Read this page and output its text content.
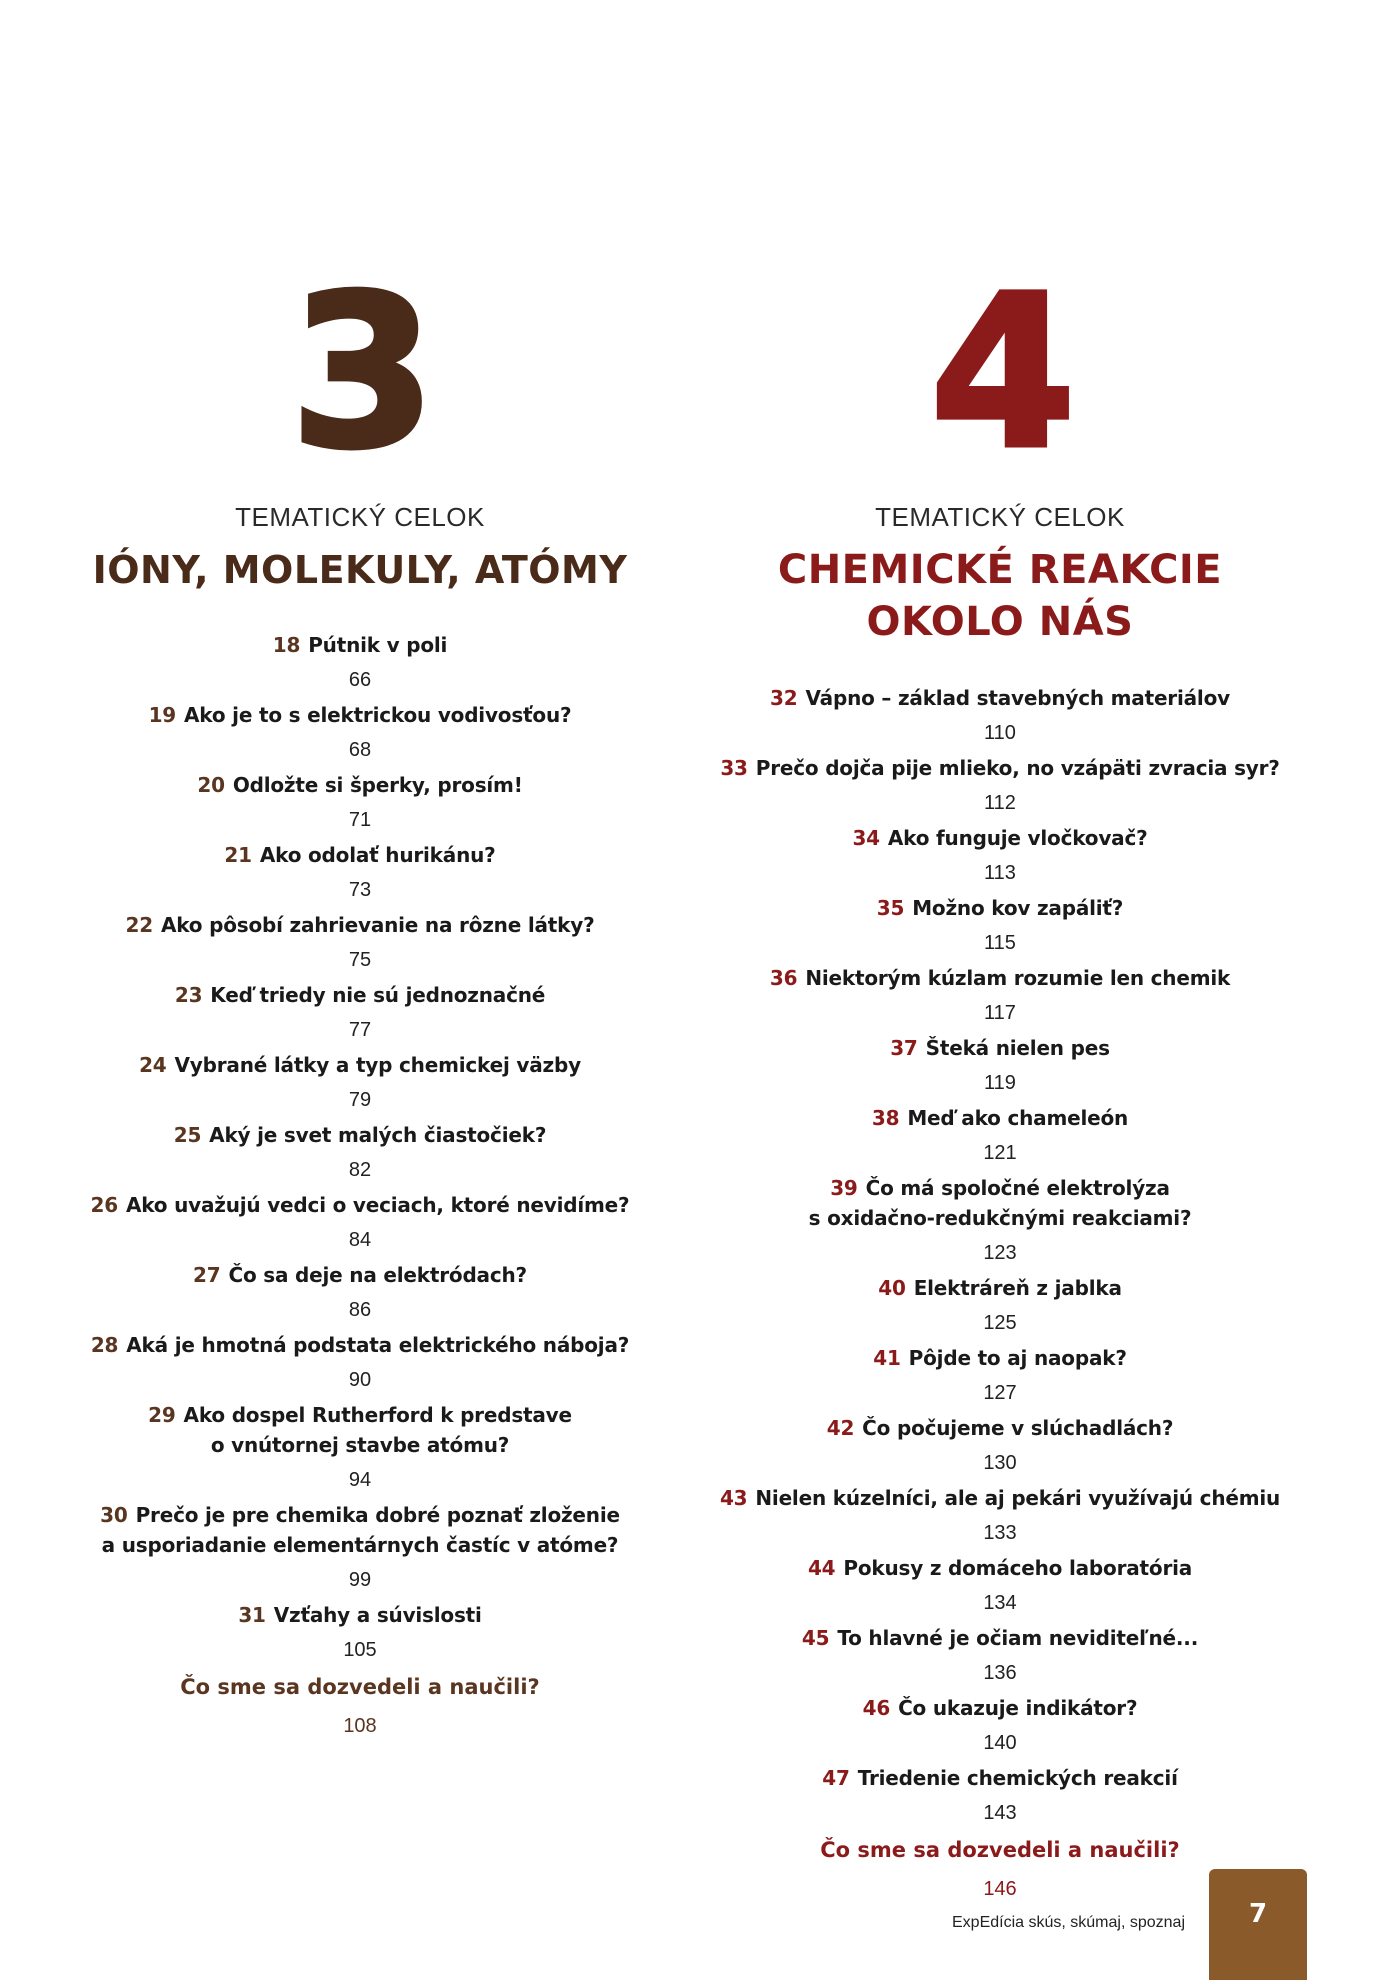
3
TEMATICKÝ CELOK
IÓNY, MOLEKULY, ATÓMY
18 Pútnik v poli
66
19 Ako je to s elektrickou vodivosťou?
68
20 Odložte si šperky, prosím!
71
21 Ako odolať hurikánu?
73
22 Ako pôsobí zahrievanie na rôzne látky?
75
23 Keď triedy nie sú jednoznačné
77
24 Vybrané látky a typ chemickej väzby
79
25 Aký je svet malých čiastočiek?
82
26 Ako uvažujú vedci o veciach, ktoré nevidíme?
84
27 Čo sa deje na elektródach?
86
28 Aká je hmotná podstata elektrického náboja?
90
29 Ako dospel Rutherford k predstave
o vnútornej stavbe atómu?
94
30 Prečo je pre chemika dobré poznať zloženie
a usporiadanie elementárnych častíc v atóme?
99
31 Vzťahy a súvislosti
105
Čo sme sa dozvedeli a naučili?
108
4
TEMATICKÝ CELOK
CHEMICKÉ REAKCIE
OKOLO NÁS
32 Vápno – základ stavebných materiálov
110
33 Prečo dojča pije mlieko, no vzápäti zvracia syr?
112
34 Ako funguje vločkovač?
113
35 Možno kov zapáliť?
115
36 Niektorým kúzlam rozumie len chemik
117
37 Šteká nielen pes
119
38 Meď ako chameleón
121
39 Čo má spoločné elektrolýza
s oxidačno-redukčnými reakciami?
123
40 Elektráreň z jablka
125
41 Pôjde to aj naopak?
127
42 Čo počujeme v slúchadlách?
130
43 Nielen kúzelníci, ale aj pekári využívajú chémiu
133
44 Pokusy z domáceho laboratória
134
45 To hlavné je očiam neviditeľné...
136
46 Čo ukazuje indikátor?
140
47 Triedenie chemických reakcií
143
Čo sme sa dozvedeli a naučili?
146
ExpEdícia skús, skúmaj, spoznaj	7
